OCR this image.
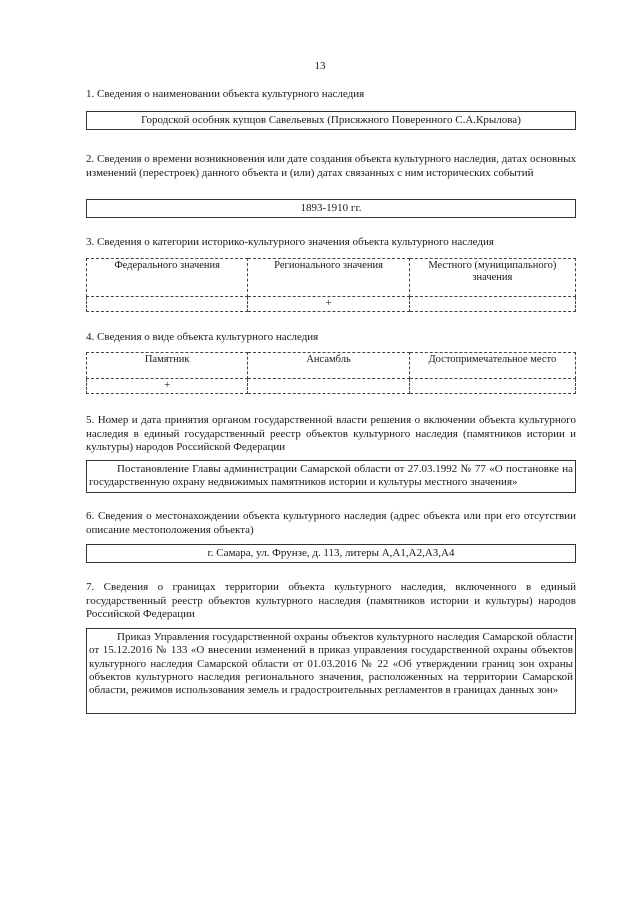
13
1. Сведения о наименовании объекта культурного наследия
Городской особняк купцов Савельевых (Присяжного Поверенного С.А.Крылова)
2. Сведения о времени возникновения или дате создания объекта культурного наследия, датах основных изменений (перестроек) данного объекта и (или) датах связанных с ним исторических событий
1893-1910 гг.
3. Сведения о категории историко-культурного значения объекта культурного наследия
Федерального значения	Регионального значения	Местного (муниципального) значения
	+	
4. Сведения о виде объекта культурного наследия
Памятник	Ансамбль	Достопримечательное место
+		
5. Номер и дата принятия органом государственной власти решения о включении объекта культурного наследия в единый государственный реестр объектов культурного наследия (памятников истории и культуры) народов Российской Федерации
Постановление Главы администрации Самарской области от 27.03.1992 № 77 «О постановке на государственную охрану недвижимых памятников истории и культуры местного значения»
6. Сведения о местонахождении объекта культурного наследия (адрес объекта или при его отсутствии описание местоположения объекта)
г. Самара, ул. Фрунзе, д. 113, литеры А,А1,А2,А3,А4
7. Сведения о границах территории объекта культурного наследия, включенного в единый государственный реестр объектов культурного наследия (памятников истории и культуры) народов Российской Федерации
Приказ Управления государственной охраны объектов культурного наследия Самарской области от 15.12.2016 № 133 «О внесении изменений в приказ управления государственной охраны объектов культурного наследия Самарской области от 01.03.2016 № 22 «Об утверждении границ зон охраны объектов культурного наследия регионального значения, расположенных на территории Самарской области, режимов использования земель и градостроительных регламентов в границах данных зон»
